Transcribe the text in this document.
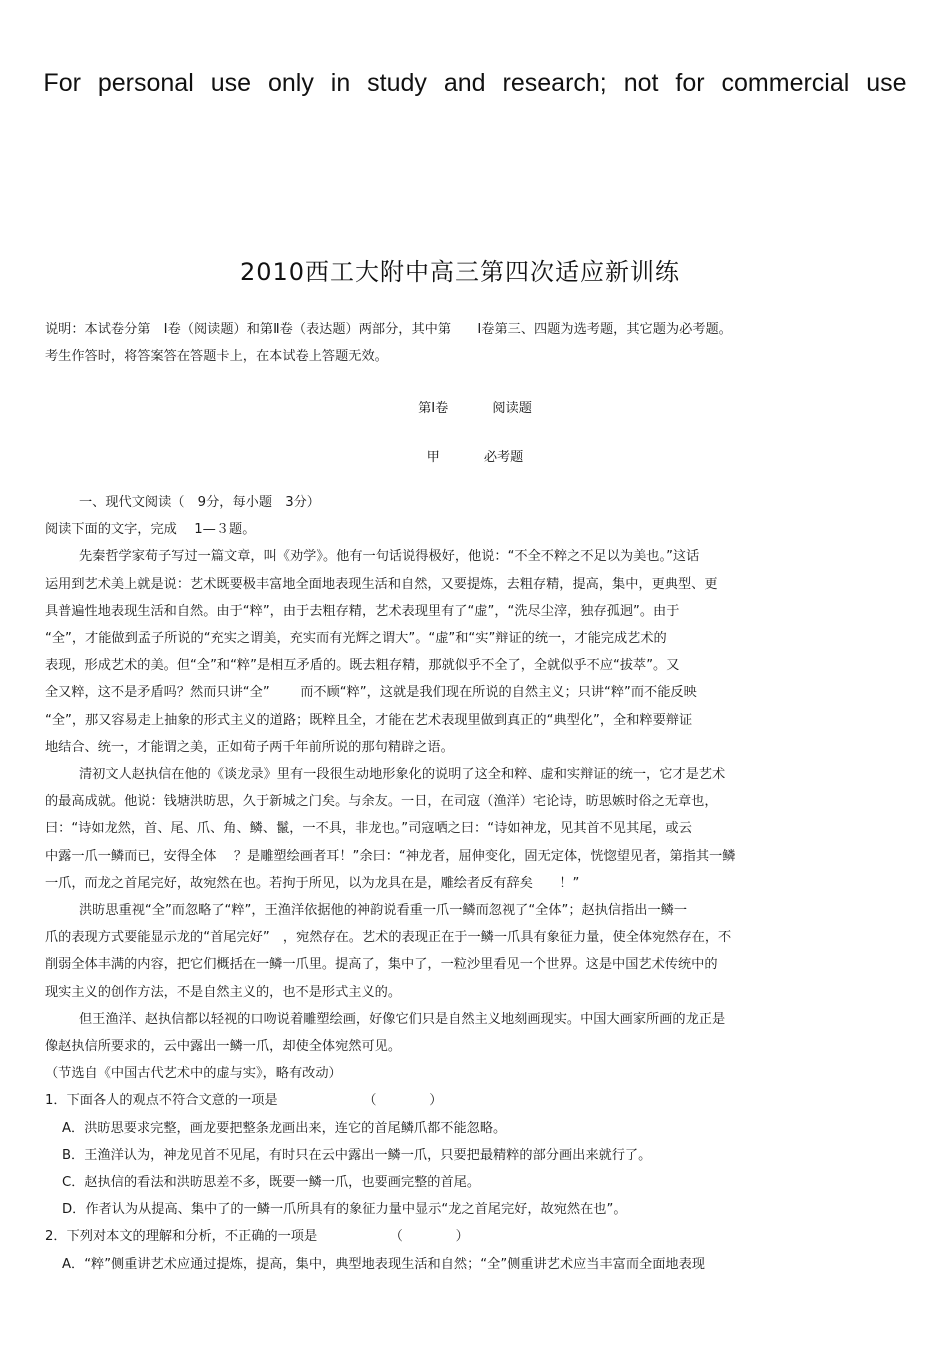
For personal use only in study and research; not for commercial use
2010西工大附中高三第四次适应新训练

说明：本试卷分第　Ⅰ卷（阅读题）和第Ⅱ卷（表达题）两部分，其中第　　Ⅰ卷第三、四题为选考题，其它题为必考题。

考生作答时，将答案答在答题卡上，在本试卷上答题无效。

第Ⅰ卷	阅读题
甲	必考题

一、现代文阅读（　9分，每小题　3分）

阅读下面的文字，完成　 1—３题。

先秦哲学家荀子写过一篇文章，叫《劝学》。他有一句话说得极好，他说：“不全不粹之不足以为美也。”这话

运用到艺术美上就是说：艺术既要极丰富地全面地表现生活和自然，又要提炼，去粗存精，提高，集中，更典型、更

具普遍性地表现生活和自然。由于“粹”，由于去粗存精，艺术表现里有了“虚”，“洗尽尘滓，独存孤迥”。由于

“全”，才能做到孟子所说的“充实之谓美，充实而有光辉之谓大”。“虚”和“实”辩证的统一，才能完成艺术的

表现，形成艺术的美。但“全”和“粹”是相互矛盾的。既去粗存精，那就似乎不全了，全就似乎不应“拔萃”。又

全又粹，这不是矛盾吗？然而只讲“全”　　 而不顾“粹”，这就是我们现在所说的自然主义；只讲“粹”而不能反映

“全”，那又容易走上抽象的形式主义的道路；既粹且全，才能在艺术表现里做到真正的“典型化”，全和粹要辩证

地结合、统一，才能谓之美，正如荀子两千年前所说的那句精辟之语。

清初文人赵执信在他的《谈龙录》里有一段很生动地形象化的说明了这全和粹、虚和实辩证的统一，它才是艺术

的最高成就。他说：钱塘洪昉思，久于新城之门矣。与余友。一日，在司寇（渔洋）宅论诗，昉思嫉时俗之无章也，

曰：“诗如龙然，首、尾、爪、角、鳞、鬣，一不具，非龙也。”司寇哂之曰：“诗如神龙，见其首不见其尾，或云

中露一爪一鳞而已，安得全体　 ？是雕塑绘画者耳！”余曰：“神龙者，屈伸变化，固无定体，恍惚望见者，第指其一鳞

一爪，而龙之首尾完好，故宛然在也。若拘于所见，以为龙具在是，雕绘者反有辞矣　　！”

洪昉思重视“全”而忽略了“粹”，王渔洋依据他的神韵说看重一爪一鳞而忽视了“全体”；赵执信指出一鳞一

爪的表现方式要能显示龙的“首尾完好”　，宛然存在。艺术的表现正在于一鳞一爪具有象征力量，使全体宛然存在，不

削弱全体丰满的内容，把它们概括在一鳞一爪里。提高了，集中了，一粒沙里看见一个世界。这是中国艺术传统中的

现实主义的创作方法，不是自然主义的，也不是形式主义的。

但王渔洋、赵执信都以轻视的口吻说着雕塑绘画，好像它们只是自然主义地刻画现实。中国大画家所画的龙正是

像赵执信所要求的，云中露出一鳞一爪，却使全体宛然可见。

（节选自《中国古代艺术中的虚与实》，略有改动）

1．下面各人的观点不符合文意的一项是　　　　　　　（　　　　）

A．洪昉思要求完整，画龙要把整条龙画出来，连它的首尾鳞爪都不能忽略。

B．王渔洋认为，神龙见首不见尾，有时只在云中露出一鳞一爪，只要把最精粹的部分画出来就行了。

C．赵执信的看法和洪昉思差不多，既要一鳞一爪，也要画完整的首尾。

D．作者认为从提高、集中了的一鳞一爪所具有的象征力量中显示“龙之首尾完好，故宛然在也”。

2．下列对本文的理解和分析，不正确的一项是　　　　　　（　　　　）

A．“粹”侧重讲艺术应通过提炼，提高，集中，典型地表现生活和自然；“全”侧重讲艺术应当丰富而全面地表现
